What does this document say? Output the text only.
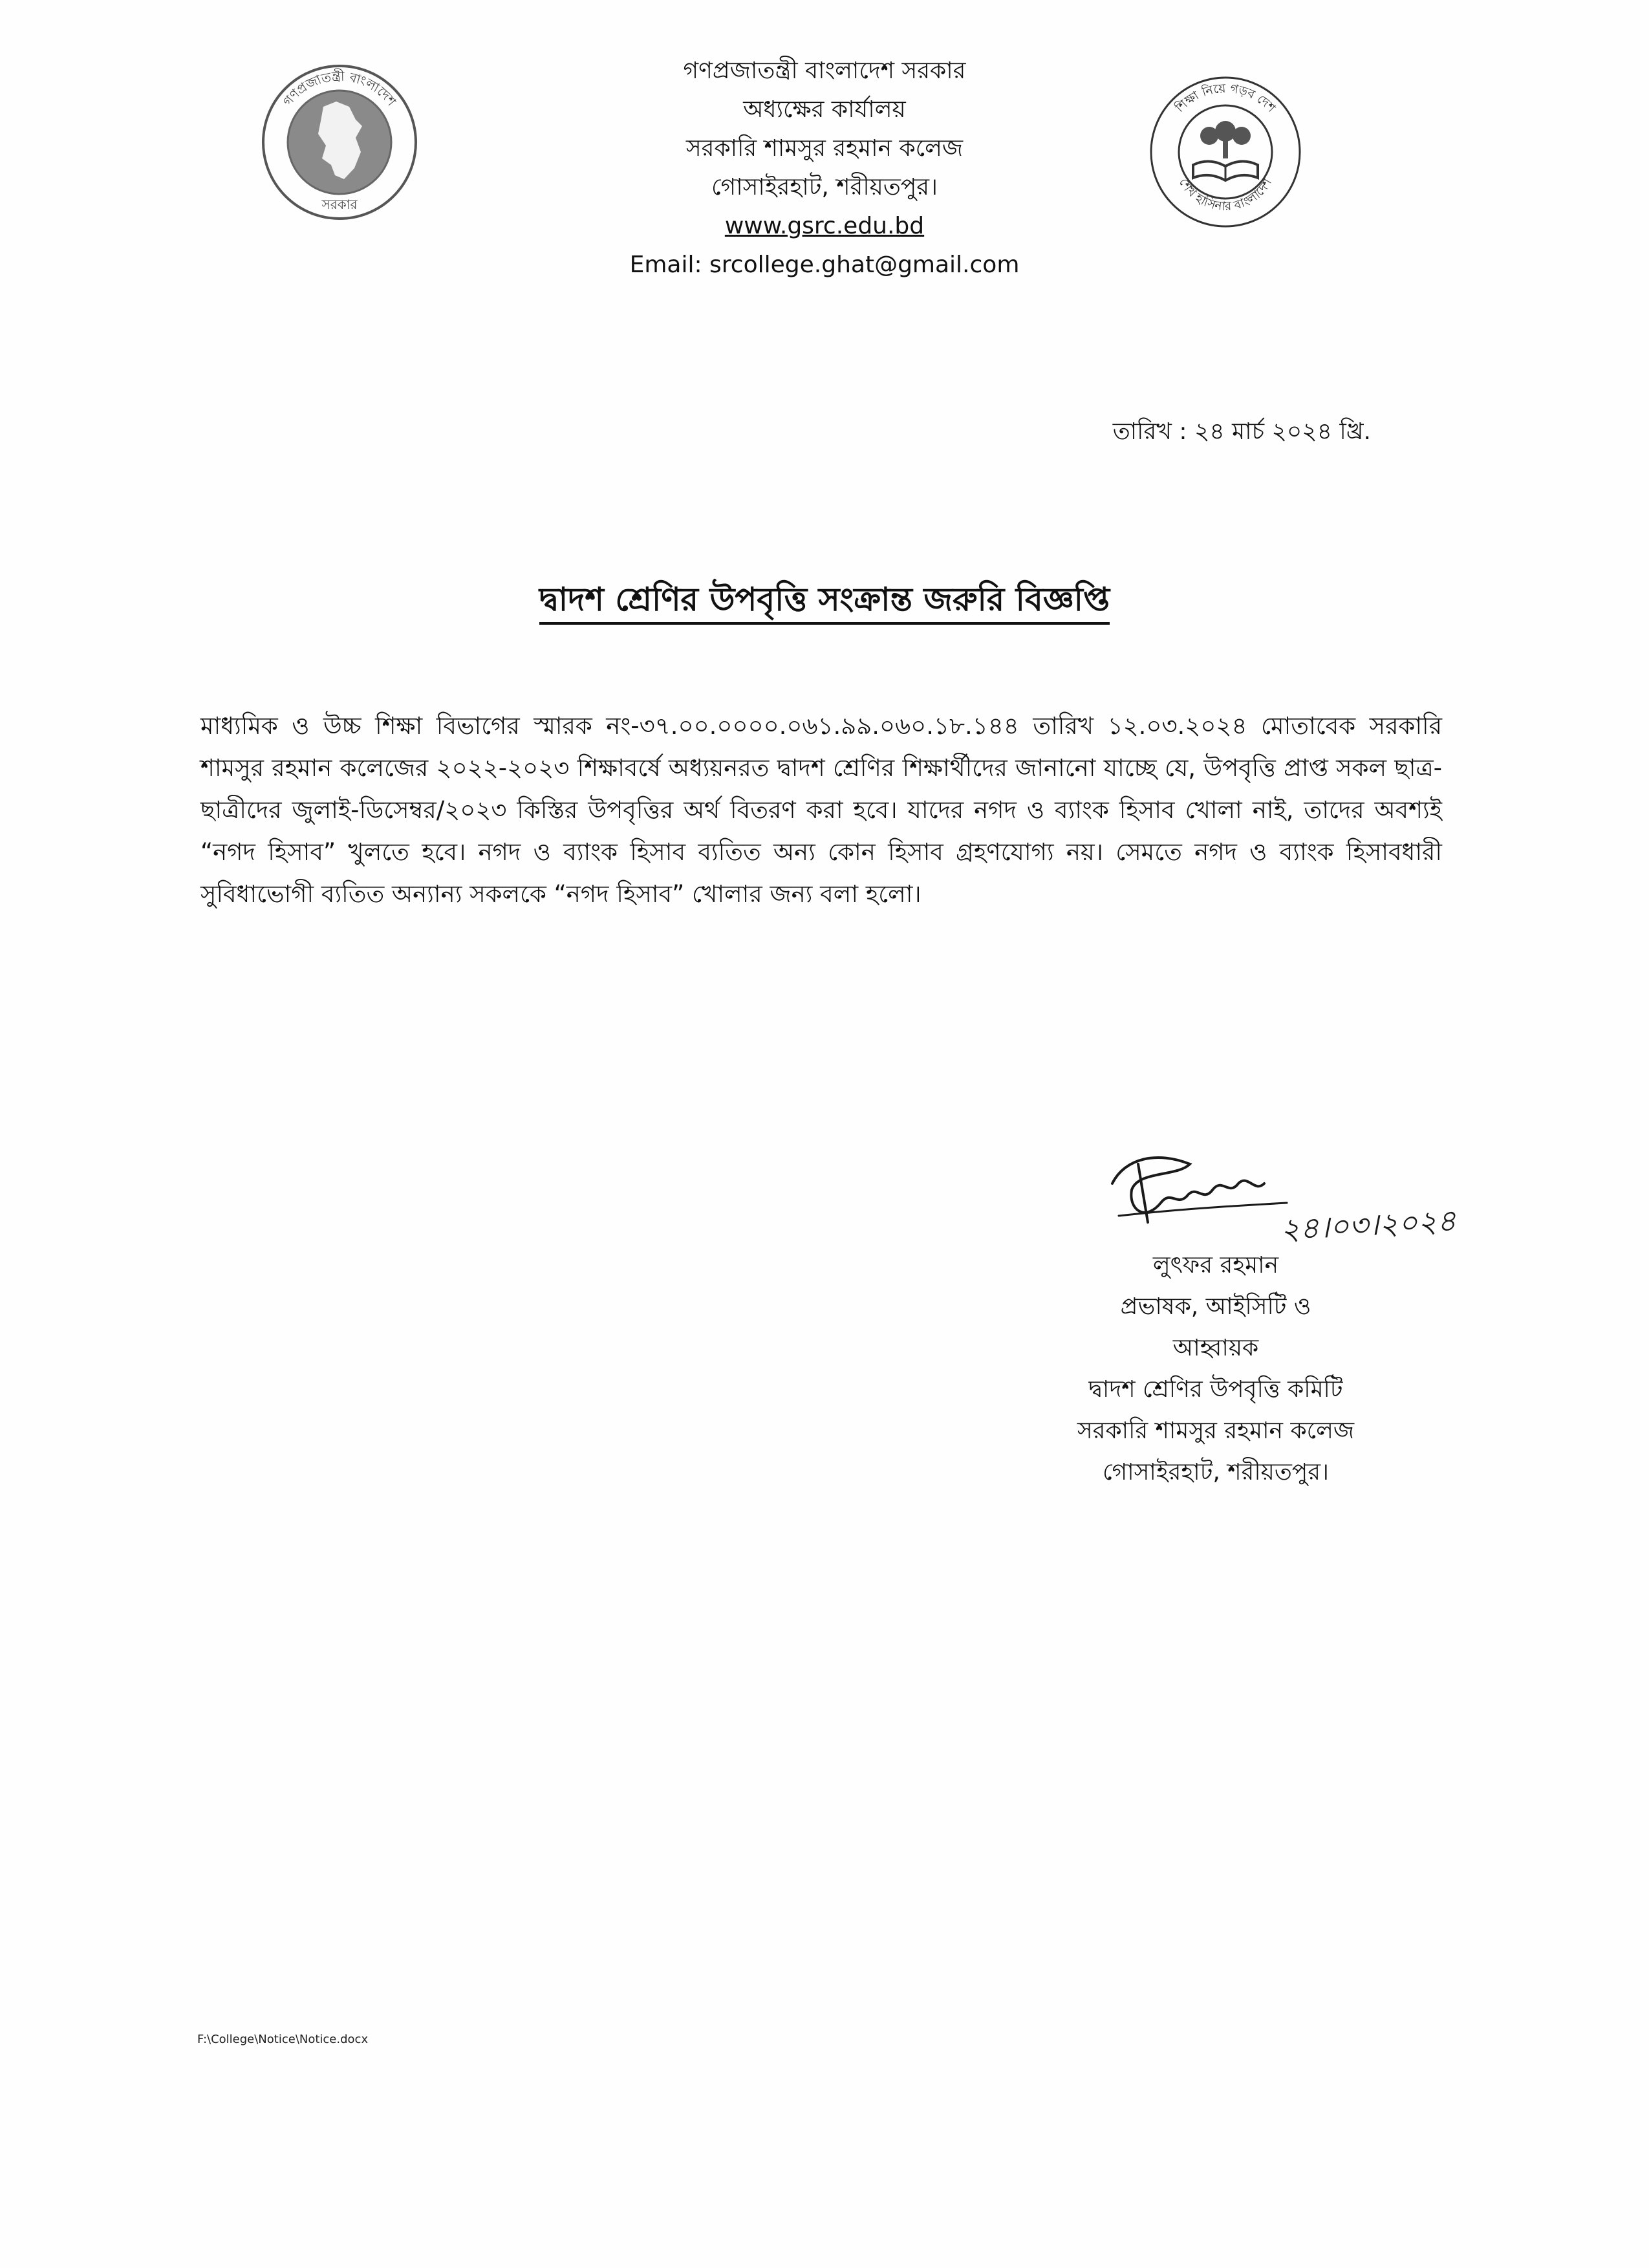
গণপ্রজাতন্ত্রী বাংলাদেশ
সরকার
গণপ্রজাতন্ত্রী বাংলাদেশ সরকার
অধ্যক্ষের কার্যালয়
সরকারি শামসুর রহমান কলেজ
গোসাইরহাট, শরীয়তপুর।
www.gsrc.edu.bd
Email: srcollege.ghat@gmail.com
শিক্ষা নিয়ে গড়ব দেশ
শেখ হাসিনার বাংলাদেশ
তারিখ : ২৪ মার্চ ২০২৪ খ্রি.
দ্বাদশ শ্রেণির উপবৃত্তি সংক্রান্ত জরুরি বিজ্ঞপ্তি
মাধ্যমিক ও উচ্চ শিক্ষা বিভাগের স্মারক নং-৩৭.০০.০০০০.০৬১.৯৯.০৬০.১৮.১৪৪ তারিখ ১২.০৩.২০২৪ মোতাবেক সরকারি শামসুর রহমান কলেজের ২০২২-২০২৩ শিক্ষাবর্ষে অধ্যয়নরত দ্বাদশ শ্রেণির শিক্ষার্থীদের জানানো যাচ্ছে যে, উপবৃত্তি প্রাপ্ত সকল ছাত্র-ছাত্রীদের জুলাই-ডিসেম্বর/২০২৩ কিস্তির উপবৃত্তির অর্থ বিতরণ করা হবে। যাদের নগদ ও ব্যাংক হিসাব খোলা নাই, তাদের অবশ্যই “নগদ হিসাব” খুলতে হবে। নগদ ও ব্যাংক হিসাব ব্যতিত অন্য কোন হিসাব গ্রহণযোগ্য নয়। সেমতে নগদ ও ব্যাংক হিসাবধারী সুবিধাভোগী ব্যতিত অন্যান্য সকলকে “নগদ হিসাব” খোলার জন্য বলা হলো।
২৪।০৩।২০২৪
লুৎফর রহমান
প্রভাষক, আইসিটি ও
আহ্বায়ক
দ্বাদশ শ্রেণির উপবৃত্তি কমিটি
সরকারি শামসুর রহমান কলেজ
গোসাইরহাট, শরীয়তপুর।
F:\College\Notice\Notice.docx
